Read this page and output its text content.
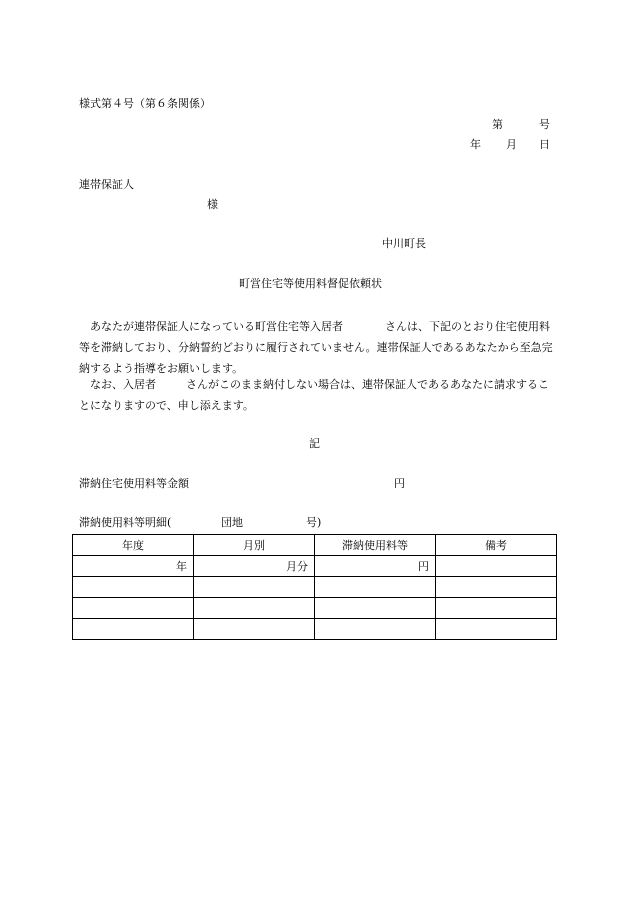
様式第４号（第６条関係）
第	号
年 月 日
連帯保証人
様
中川町長
町営住宅等使用料督促依頼状
あなたが連帯保証人になっている町営住宅等入居者	さんは、下記のとおり住宅使用料等を滞納しており、分納誓約どおりに履行されていません。連帯保証人であるあなたから至急完納するよう指導をお願いします。
なお、入居者	さんがこのまま納付しない場合は、連帯保証人であるあなたに請求することになりますので、申し添えます。
記
滞納住宅使用料等金額	円
滞納使用料等明細(	団地	号)
年度	月別	滞納使用料等	備考
年	月分	円	
